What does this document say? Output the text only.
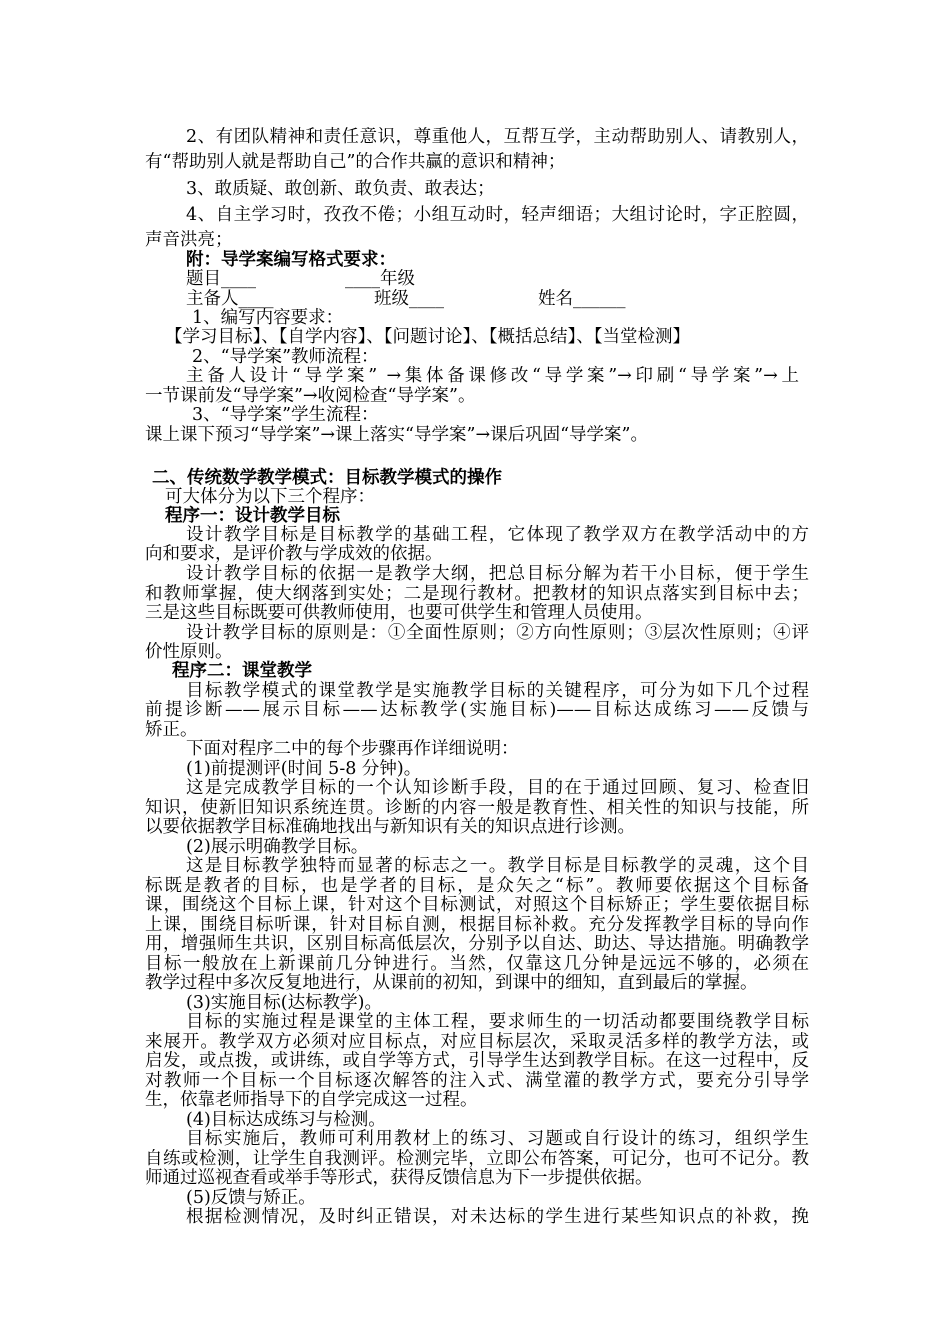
2、有团队精神和责任意识，尊重他人，互帮互学，主动帮助别人、请教别人，
有“帮助别人就是帮助自己”的合作共赢的意识和精神；
3、敢质疑、敢创新、敢负责、敢表达；
4、自主学习时，孜孜不倦；小组互动时，轻声细语；大组讨论时，字正腔圆，
声音洪亮；
附：导学案编写格式要求：
题目____	____年级
主备人____	班级____	姓名______
1、编写内容要求：
【学习目标】、【自学内容】、【问题讨论】、【概括总结】、【当堂检测】
2、“导学案”教师流程：
主备人设计“导学案” →集体备课修改“导学案”→印刷“导学案”→上
一节课前发“导学案”→收阅检查“导学案”。
3、“导学案”学生流程：
课上课下预习“导学案”→课上落实“导学案”→课后巩固“导学案”。
二、传统数学教学模式：目标教学模式的操作
可大体分为以下三个程序：
程序一：设计教学目标
设计教学目标是目标教学的基础工程，它体现了教学双方在教学活动中的方
向和要求，是评价教与学成效的依据。
设计教学目标的依据一是教学大纲，把总目标分解为若干小目标，便于学生
和教师掌握，使大纲落到实处；二是现行教材。把教材的知识点落实到目标中去；
三是这些目标既要可供教师使用，也要可供学生和管理人员使用。
设计教学目标的原则是：①全面性原则；②方向性原则；③层次性原则；④评
价性原则。
程序二：课堂教学
目标教学模式的课堂教学是实施教学目标的关键程序，可分为如下几个过程
前提诊断——展示目标——达标教学(实施目标)——目标达成练习——反馈与
矫正。
下面对程序二中的每个步骤再作详细说明：
(1)前提测评(时间 5-8 分钟)。
这是完成教学目标的一个认知诊断手段，目的在于通过回顾、复习、检查旧
知识，使新旧知识系统连贯。诊断的内容一般是教育性、相关性的知识与技能，所
以要依据教学目标准确地找出与新知识有关的知识点进行诊测。
(2)展示明确教学目标。
这是目标教学独特而显著的标志之一。教学目标是目标教学的灵魂，这个目
标既是教者的目标，也是学者的目标，是众矢之“标”。教师要依据这个目标备
课，围绕这个目标上课，针对这个目标测试，对照这个目标矫正；学生要依据目标
上课，围绕目标听课，针对目标自测，根据目标补救。充分发挥教学目标的导向作
用，增强师生共识，区别目标高低层次，分别予以自达、助达、导达措施。明确教学
目标一般放在上新课前几分钟进行。当然，仅靠这几分钟是远远不够的，必须在
教学过程中多次反复地进行，从课前的初知，到课中的细知，直到最后的掌握。
(3)实施目标(达标教学)。
目标的实施过程是课堂的主体工程，要求师生的一切活动都要围绕教学目标
来展开。教学双方必须对应目标点，对应目标层次，采取灵活多样的教学方法，或
启发，或点拨，或讲练，或自学等方式，引导学生达到教学目标。在这一过程中，反
对教师一个目标一个目标逐次解答的注入式、满堂灌的教学方式，要充分引导学
生，依靠老师指导下的自学完成这一过程。
(4)目标达成练习与检测。
目标实施后，教师可利用教材上的练习、习题或自行设计的练习，组织学生
自练或检测，让学生自我测评。检测完毕，立即公布答案，可记分，也可不记分。教
师通过巡视查看或举手等形式，获得反馈信息为下一步提供依据。
(5)反馈与矫正。
根据检测情况，及时纠正错误，对未达标的学生进行某些知识点的补救，挽
